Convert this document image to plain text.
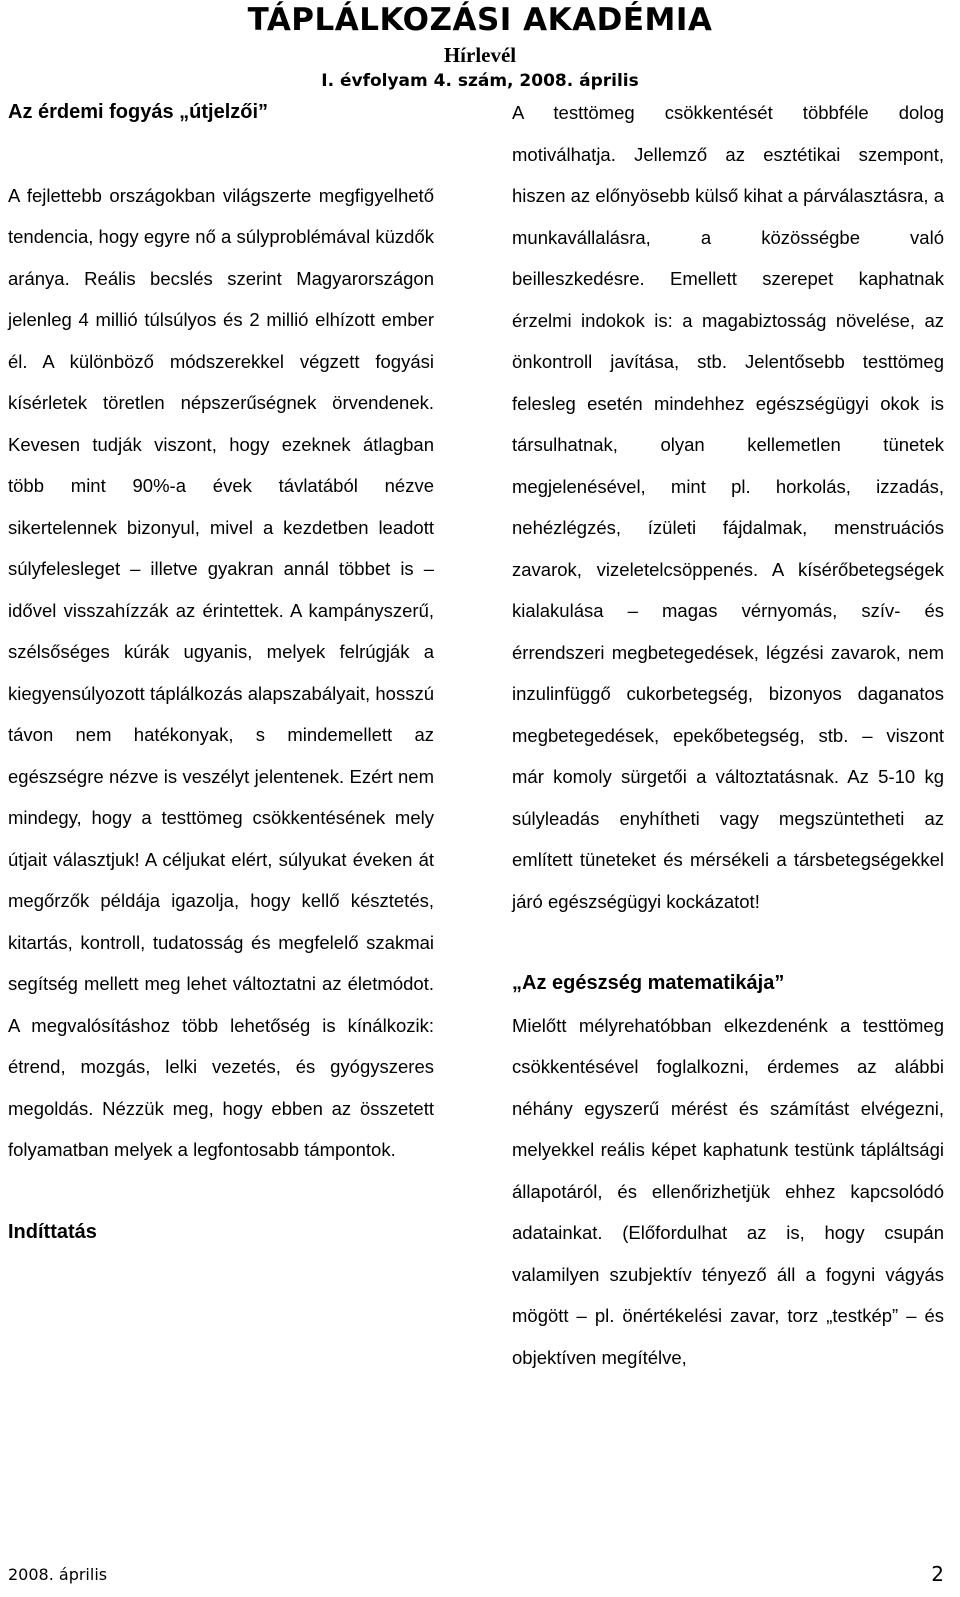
TÁPLÁLKOZÁSI AKADÉMIA
Hírlevél
I. évfolyam 4. szám, 2008. április
Az érdemi fogyás „útjelzői”

A fejlettebb országokban világszerte megfigyelhető tendencia, hogy egyre nő a súlyproblémával küzdők aránya. Reális becslés szerint Magyarországon jelenleg 4 millió túlsúlyos és 2 millió elhízott ember él. A különböző módszerekkel végzett fogyási kísérletek töretlen népszerűségnek örvendenek. Kevesen tudják viszont, hogy ezeknek átlagban több mint 90%-a évek távlatából nézve sikertelennek bizonyul, mivel a kezdetben leadott súlyfelesleget – illetve gyakran annál többet is – idővel visszahízzák az érintettek. A kampányszerű, szélsőséges kúrák ugyanis, melyek felrúgják a kiegyensúlyozott táplálkozás alapszabályait, hosszú távon nem hatékonyak, s mindemellett az egészségre nézve is veszélyt jelentenek. Ezért nem mindegy, hogy a testtömeg csökkentésének mely útjait választjuk! A céljukat elért, súlyukat éveken át megőrzők példája igazolja, hogy kellő késztetés, kitartás, kontroll, tudatosság és megfelelő szakmai segítség mellett meg lehet változtatni az életmódot. A megvalósításhoz több lehetőség is kínálkozik: étrend, mozgás, lelki vezetés, és gyógyszeres megoldás. Nézzük meg, hogy ebben az összetett folyamatban melyek a legfontosabb támpontok.

Indíttatás

A testtömeg csökkentését többféle dolog motiválhatja. Jellemző az esztétikai szempont, hiszen az előnyösebb külső kihat a párválasztásra, a munkavállalásra, a közösségbe való beilleszkedésre. Emellett szerepet kaphatnak érzelmi indokok is: a magabiztosság növelése, az önkontroll javítása, stb. Jelentősebb testtömeg felesleg esetén mindehhez egészségügyi okok is társulhatnak, olyan kellemetlen tünetek megjelenésével, mint pl. horkolás, izzadás, nehézlégzés, ízületi fájdalmak, menstruációs zavarok, vizeletelcsöppenés. A kísérőbetegségek kialakulása – magas vérnyomás, szív- és érrendszeri megbetegedések, légzési zavarok, nem inzulinfüggő cukorbetegség, bizonyos daganatos megbetegedések, epekőbetegség, stb. – viszont már komoly sürgetői a változtatásnak. Az 5-10 kg súlyleadás enyhítheti vagy megszüntetheti az említett tüneteket és mérsékeli a társbetegségekkel járó egészségügyi kockázatot!

„Az egészség matematikája”

Mielőtt mélyrehatóbban elkezdenénk a testtömeg csökkentésével foglalkozni, érdemes az alábbi néhány egyszerű mérést és számítást elvégezni, melyekkel reális képet kaphatunk testünk tápláltsági állapotáról, és ellenőrizhetjük ehhez kapcsolódó adatainkat. (Előfordulhat az is, hogy csupán valamilyen szubjektív tényező áll a fogyni vágyás mögött – pl. önértékelési zavar, torz „testkép” – és objektíven megítélve,

2008. április	2
